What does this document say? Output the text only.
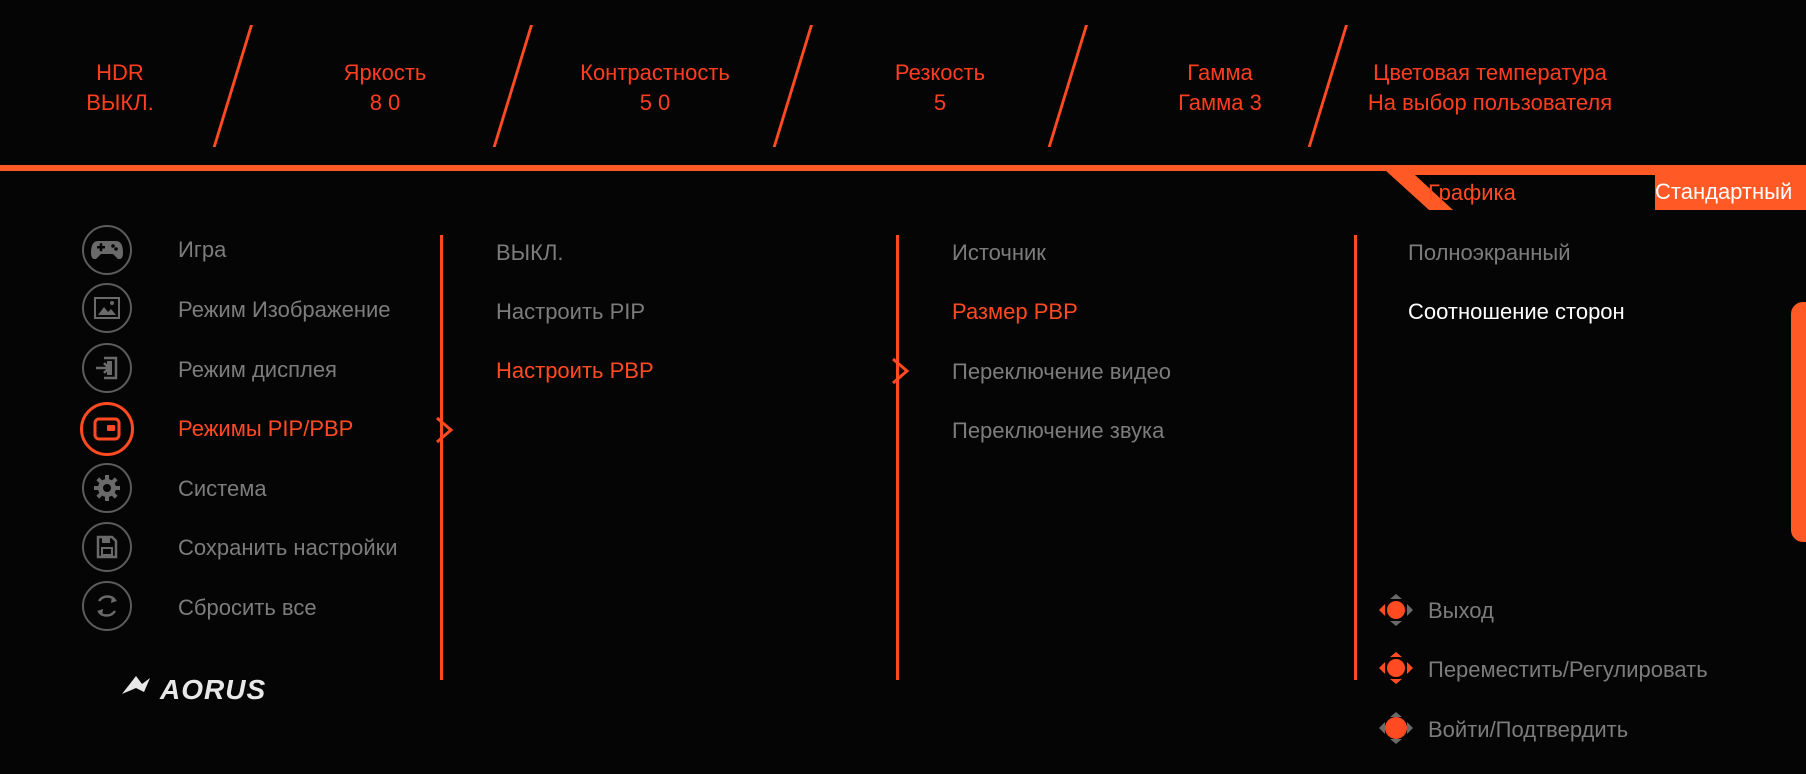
HDR
ВЫКЛ.
Яркость
8 0
Контрастность
5 0
Резкость
5
Гамма
Гамма 3
Цветовая температура
На выбор пользователя
Графика	Стандартный
Игра
Режим Изображение
Режим дисплея
Режимы PIP/PBP
Система
Сохранить настройки
Сбросить все
AORUS
ВЫКЛ.
Настроить PIP
Настроить PBP
Источник
Размер PBP
Переключение видео
Переключение звука
Полноэкранный
Соотношение сторон
Выход
Переместить/Регулировать
Войти/Подтвердить
